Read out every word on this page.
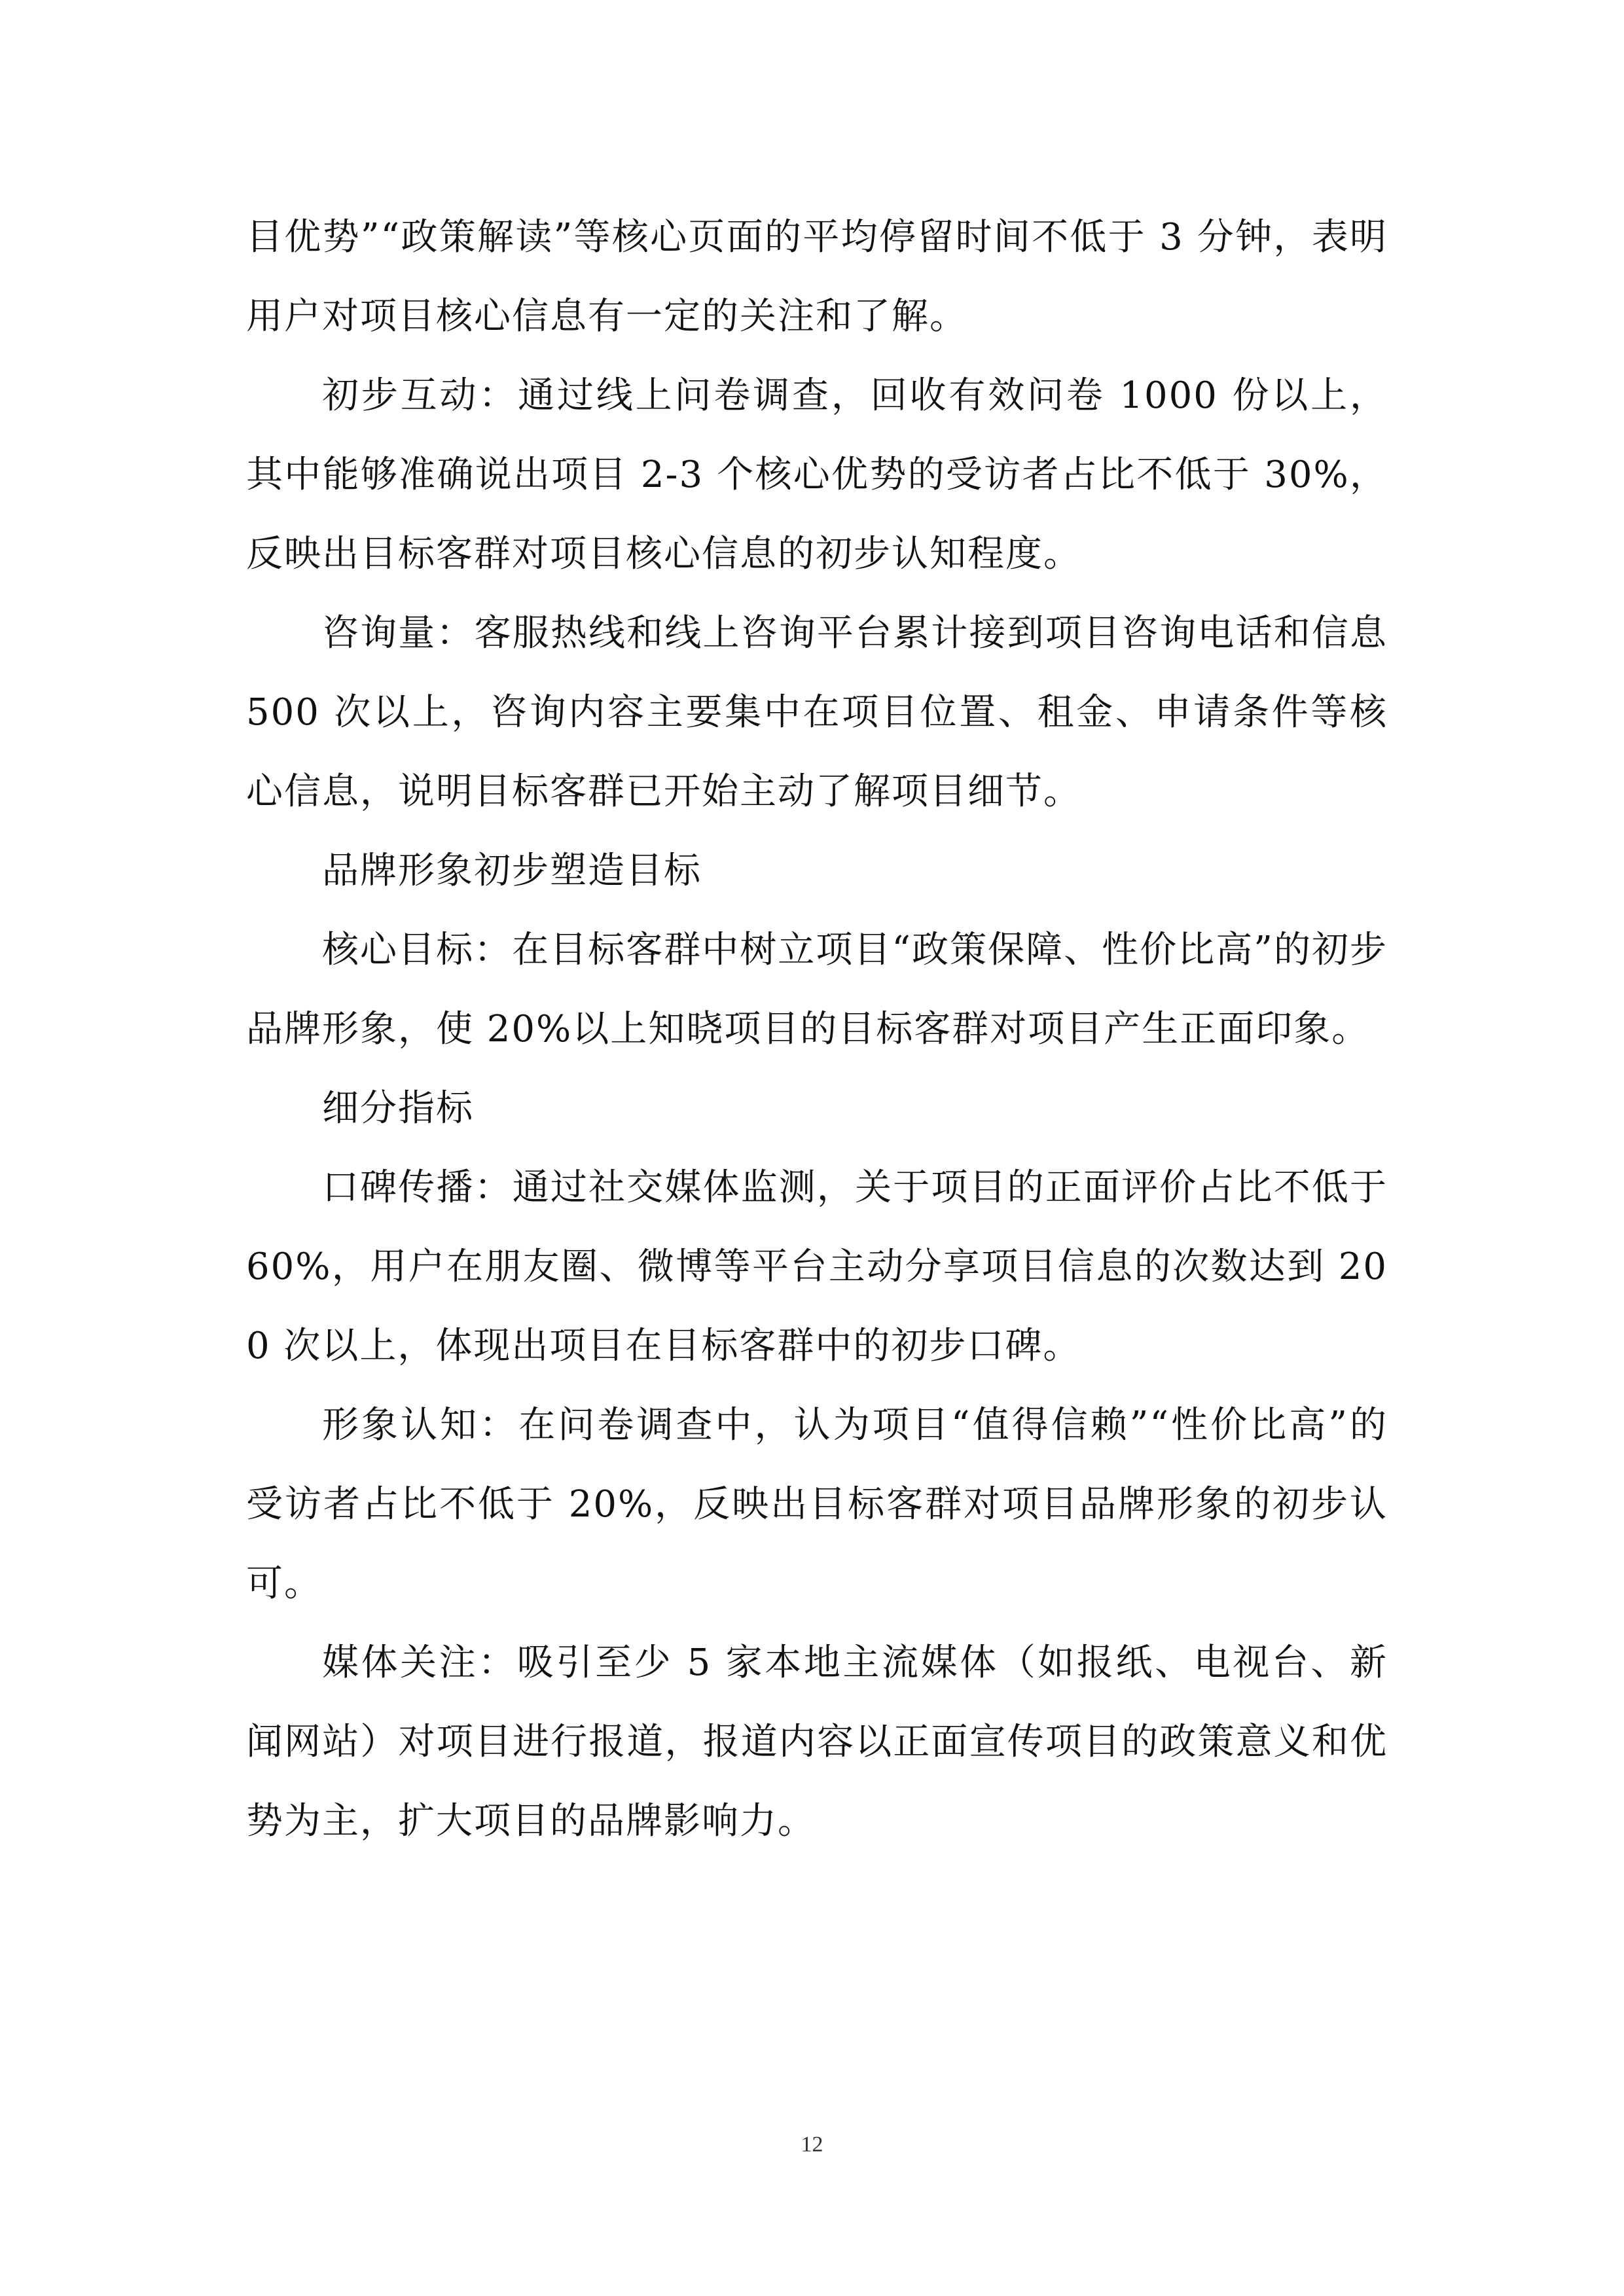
目优势”“政策解读”等核心页面的平均停留时间不低于 3 分钟，表明用户对项目核心信息有一定的关注和了解。

初步互动：通过线上问卷调查，回收有效问卷 1000 份以上，其中能够准确说出项目 2-3 个核心优势的受访者占比不低于 30%，反映出目标客群对项目核心信息的初步认知程度。

咨询量：客服热线和线上咨询平台累计接到项目咨询电话和信息 500 次以上，咨询内容主要集中在项目位置、租金、申请条件等核心信息，说明目标客群已开始主动了解项目细节。

品牌形象初步塑造目标

核心目标：在目标客群中树立项目“政策保障、性价比高”的初步品牌形象，使 20%以上知晓项目的目标客群对项目产生正面印象。

细分指标

口碑传播：通过社交媒体监测，关于项目的正面评价占比不低于 60%，用户在朋友圈、微博等平台主动分享项目信息的次数达到 200 次以上，体现出项目在目标客群中的初步口碑。

形象认知：在问卷调查中，认为项目“值得信赖”“性价比高”的受访者占比不低于 20%，反映出目标客群对项目品牌形象的初步认可。

媒体关注：吸引至少 5 家本地主流媒体（如报纸、电视台、新闻网站）对项目进行报道，报道内容以正面宣传项目的政策意义和优势为主，扩大项目的品牌影响力。

12
